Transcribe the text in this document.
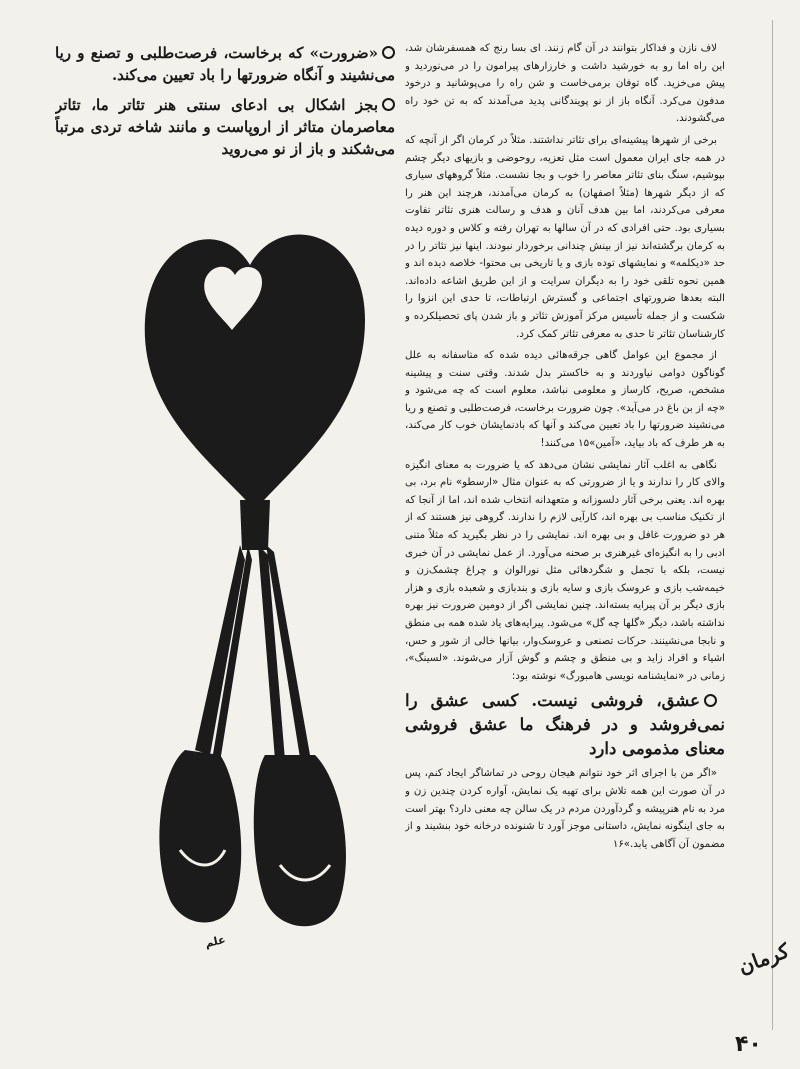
«ضرورت» که برخاست، فرصت‌طلبی و تصنع و ریا می‌نشیند و آنگاه ضرورتها را باد تعیین می‌کند.

بجز اشکال بی ادعای سنتی هنر تئاتر ما، تئاتر معاصرمان متاثر از اروپاست و مانند شاخه تردی مرتباً می‌شکند و باز از نو می‌روید

لاف نازن و فداکار بتوانند در آن گام زنند. ای بسا رنج که همسفرشان شد، این راه اما رو به خورشید داشت و خارزارهای پیرامون را در می‌نوردید و پیش می‌خزید. گاه توفان برمی‌خاست و شن راه را می‌پوشانید و درخود مدفون می‌کرد. آنگاه باز از نو پویندگانی پدید می‌آمدند که به تن خود راه می‌گشودند.

برخی از شهرها پیشینه‌ای برای تئاتر نداشتند. مثلاً در کرمان اگر از آنچه که در همه جای ایران معمول است مثل تعزیه، روحوضی و بازیهای دیگر چشم بپوشیم، سنگ بنای تئاتر معاصر را خوب و بجا نشست. مثلاً گروههای سیاری که از دیگر شهرها (مثلاً اصفهان) به کرمان می‌آمدند، هرچند این هنر را معرفی می‌کردند، اما بین هدف آنان و هدف و رسالت هنری تئاتر تفاوت بسیاری بود. حتی افرادی که در آن سالها به تهران رفته و کلاس و دوره دیده به کرمان برگشته‌اند نیز از بینش چندانی برخوردار نبودند. اینها نیز تئاتر را در حد «دیکلمه» و نمایشهای توده بازی و یا تاریخی بی محتوا- خلاصه دیده اند و همین نحوه تلقی خود را به دیگران سرایت و از این طریق اشاعه داده‌اند. البته بعدها ضرورتهای اجتماعی و گسترش ارتباطات، تا حدی این انزوا را شکست و از جمله تأسیس مرکز آموزش تئاتر و باز شدن پای تحصیلکرده و کارشناسان تئاتر تا حدی به معرفی تئاتر کمک کرد.

از مجموع این عوامل گاهی جرقه‌هائی دیده شده که متاسفانه به علل گوناگون دوامی نیاوردند و به خاکستر بدل شدند. وقتی سنت و پیشینه مشخص، صریح، کارساز و معلومی نباشد، معلوم است که چه می‌شود و «چه از بن باغ در می‌آید». چون ضرورت برخاست، فرصت‌طلبی و تصنع و ریا می‌نشیند ضرورتها را باد تعیین می‌کند و آنها که بادنمایشان خوب کار می‌کند، به هر طرف که باد بیاید، «آمین»۱۵ می‌کنند!

نگاهی به اغلب آثار نمایشی نشان می‌دهد که یا ضرورت به معنای انگیزه والای کار را ندارند و یا از ضرورتی که به عنوان مثال «ارسطو» نام برد، بی بهره اند. یعنی برخی آثار دلسوزانه و متعهدانه انتخاب شده اند، اما از آنجا که از تکنیک مناسب بی بهره اند، کارآیی لازم را ندارند. گروهی نیز هستند که از هر دو ضرورت غافل و بی بهره اند. نمایشی را در نظر بگیرید که مثلاً متنی ادبی را به انگیزه‌ای غیرهنری بر صحنه می‌آورد. از عمل نمایشی در آن خبری نیست، بلکه با تجمل و شگردهائی مثل نورالوان و چراغ چشمک‌زن و خیمه‌شب بازی و عروسک بازی و سایه بازی و بندبازی و شعبده بازی و هزار بازی دیگر بر آن پیرایه بسته‌اند. چنین نمایشی اگر از دومین ضرورت نیز بهره نداشته باشد، دیگر «گلها چه گل» می‌شود. پیرایه‌های یاد شده همه بی منطق و نابجا می‌نشینند. حرکات تصنعی و عروسک‌وار، بیانها خالی از شور و حس، اشیاء و افراد زاید و بی منطق و چشم و گوش آزار می‌شوند. «لسینگ»، زمانی در «نمایشنامه نویسی هامبورگ» نوشته بود:

عشق، فروشی نیست. کسی عشق را نمی‌فروشد و در فرهنگ ما عشق فروشی معنای مذمومی دارد

«اگر من با اجرای اثر خود نتوانم هیجان روحی در تماشاگر ایجاد کنم، پس در آن صورت این همه تلاش برای تهیه یک نمایش، آواره کردن چندین زن و مرد به نام هنرپیشه و گردآوردن مردم در یک سالن چه معنی دارد؟ بهتر است به جای اینگونه نمایش، داستانی موجز آورد تا شنونده درخانه خود بنشیند و از مضمون آن آگاهی یابد.»۱۶

کرمان
۴۰
علم
